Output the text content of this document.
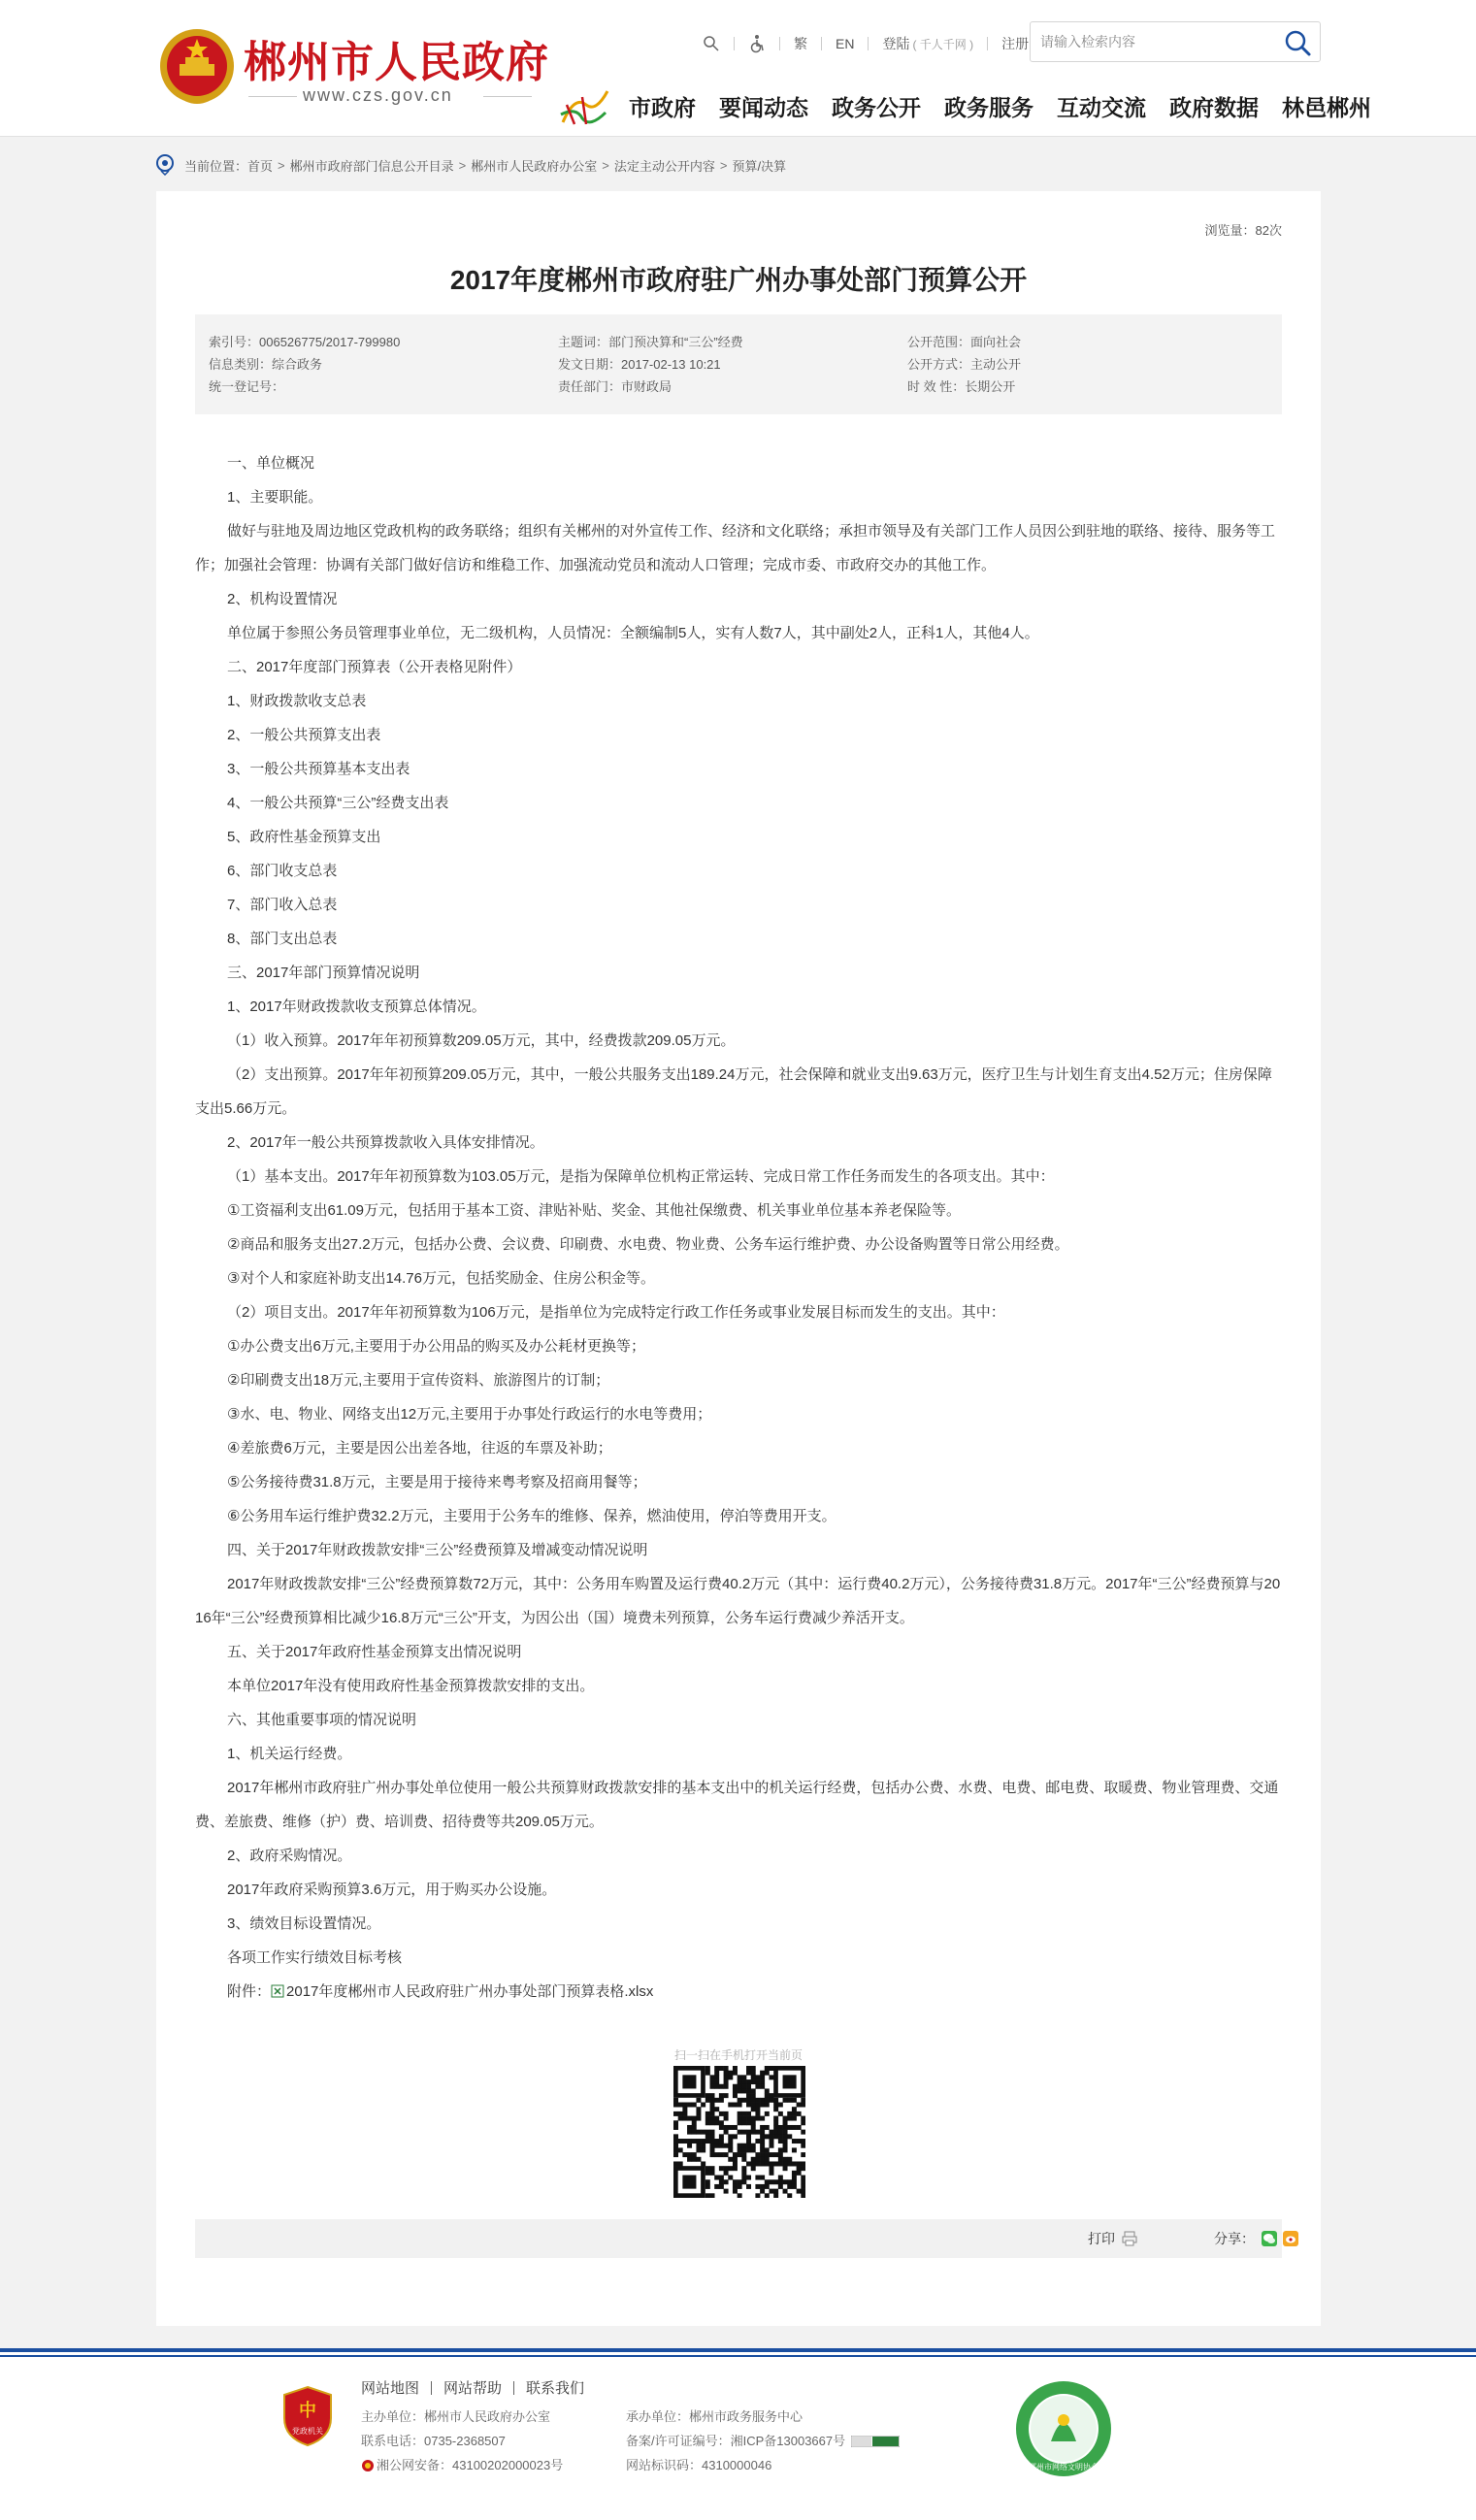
郴州市人民政府
www.czs.gov.cn
繁 EN 登陆 ( 千人千网 ) 注册
请输入检索内容
市政府 要闻动态 政务公开 政务服务 互动交流 政府数据 林邑郴州
当前位置： 首页 > 郴州市政府部门信息公开目录 > 郴州市人民政府办公室 > 法定主动公开内容 > 预算/决算
浏览量：82次
2017年度郴州市政府驻广州办事处部门预算公开
索引号：006526775/2017-799980
信息类别：综合政务
统一登记号：
主题词：部门预决算和“三公”经费
发文日期：2017-02-13 10:21
责任部门：市财政局
公开范围：面向社会
公开方式：主动公开
时 效 性：长期公开

一、单位概况

1、主要职能。

做好与驻地及周边地区党政机构的政务联络；组织有关郴州的对外宣传工作、经济和文化联络；承担市领导及有关部门工作人员因公到驻地的联络、接待、服务等工作；加强社会管理：协调有关部门做好信访和维稳工作、加强流动党员和流动人口管理；完成市委、市政府交办的其他工作。

2、机构设置情况

单位属于参照公务员管理事业单位，无二级机构，人员情况：全额编制5人，实有人数7人，其中副处2人，正科1人，其他4人。

二、2017年度部门预算表（公开表格见附件）

1、财政拨款收支总表

2、一般公共预算支出表

3、一般公共预算基本支出表

4、一般公共预算“三公”经费支出表

5、政府性基金预算支出

6、部门收支总表

7、部门收入总表

8、部门支出总表

三、2017年部门预算情况说明

1、2017年财政拨款收支预算总体情况。

（1）收入预算。2017年年初预算数209.05万元，其中，经费拨款209.05万元。

（2）支出预算。2017年年初预算209.05万元，其中，一般公共服务支出189.24万元，社会保障和就业支出9.63万元，医疗卫生与计划生育支出4.52万元；住房保障支出5.66万元。

2、2017年一般公共预算拨款收入具体安排情况。

（1）基本支出。2017年年初预算数为103.05万元，是指为保障单位机构正常运转、完成日常工作任务而发生的各项支出。其中：

①工资福利支出61.09万元，包括用于基本工资、津贴补贴、奖金、其他社保缴费、机关事业单位基本养老保险等。

②商品和服务支出27.2万元，包括办公费、会议费、印刷费、水电费、物业费、公务车运行维护费、办公设备购置等日常公用经费。

③对个人和家庭补助支出14.76万元，包括奖励金、住房公积金等。

（2）项目支出。2017年年初预算数为106万元，是指单位为完成特定行政工作任务或事业发展目标而发生的支出。其中：

①办公费支出6万元,主要用于办公用品的购买及办公耗材更换等；

②印刷费支出18万元,主要用于宣传资料、旅游图片的订制；

③水、电、物业、网络支出12万元,主要用于办事处行政运行的水电等费用；

④差旅费6万元，主要是因公出差各地，往返的车票及补助；

⑤公务接待费31.8万元，主要是用于接待来粤考察及招商用餐等；

⑥公务用车运行维护费32.2万元，主要用于公务车的维修、保养，燃油使用，停泊等费用开支。

四、关于2017年财政拨款安排“三公”经费预算及增减变动情况说明

2017年财政拨款安排“三公”经费预算数72万元，其中：公务用车购置及运行费40.2万元（其中：运行费40.2万元），公务接待费31.8万元。2017年“三公”经费预算与2016年“三公”经费预算相比减少16.8万元“三公”开支，为因公出（国）境费未列预算，公务车运行费减少养活开支。

五、关于2017年政府性基金预算支出情况说明

本单位2017年没有使用政府性基金预算拨款安排的支出。

六、其他重要事项的情况说明

1、机关运行经费。

2017年郴州市政府驻广州办事处单位使用一般公共预算财政拨款安排的基本支出中的机关运行经费，包括办公费、水费、电费、邮电费、取暖费、物业管理费、交通费、差旅费、维修（护）费、培训费、招待费等共209.05万元。

2、政府采购情况。

2017年政府采购预算3.6万元，用于购买办公设施。

3、绩效目标设置情况。

各项工作实行绩效目标考核

附件： 2017年度郴州市人民政府驻广州办事处部门预算表格.xlsx

扫一扫在手机打开当前页
打印	分享：
中
党政机关
网站地图 网站帮助 联系我们
主办单位：郴州市人民政府办公室
联系电话：0735-2368507
湘公网安备：43100202000023号
承办单位：郴州市政务服务中心
备案/许可证编号：湘ICP备13003667号
网站标识码：4310000046	郴州市网络文明协会
